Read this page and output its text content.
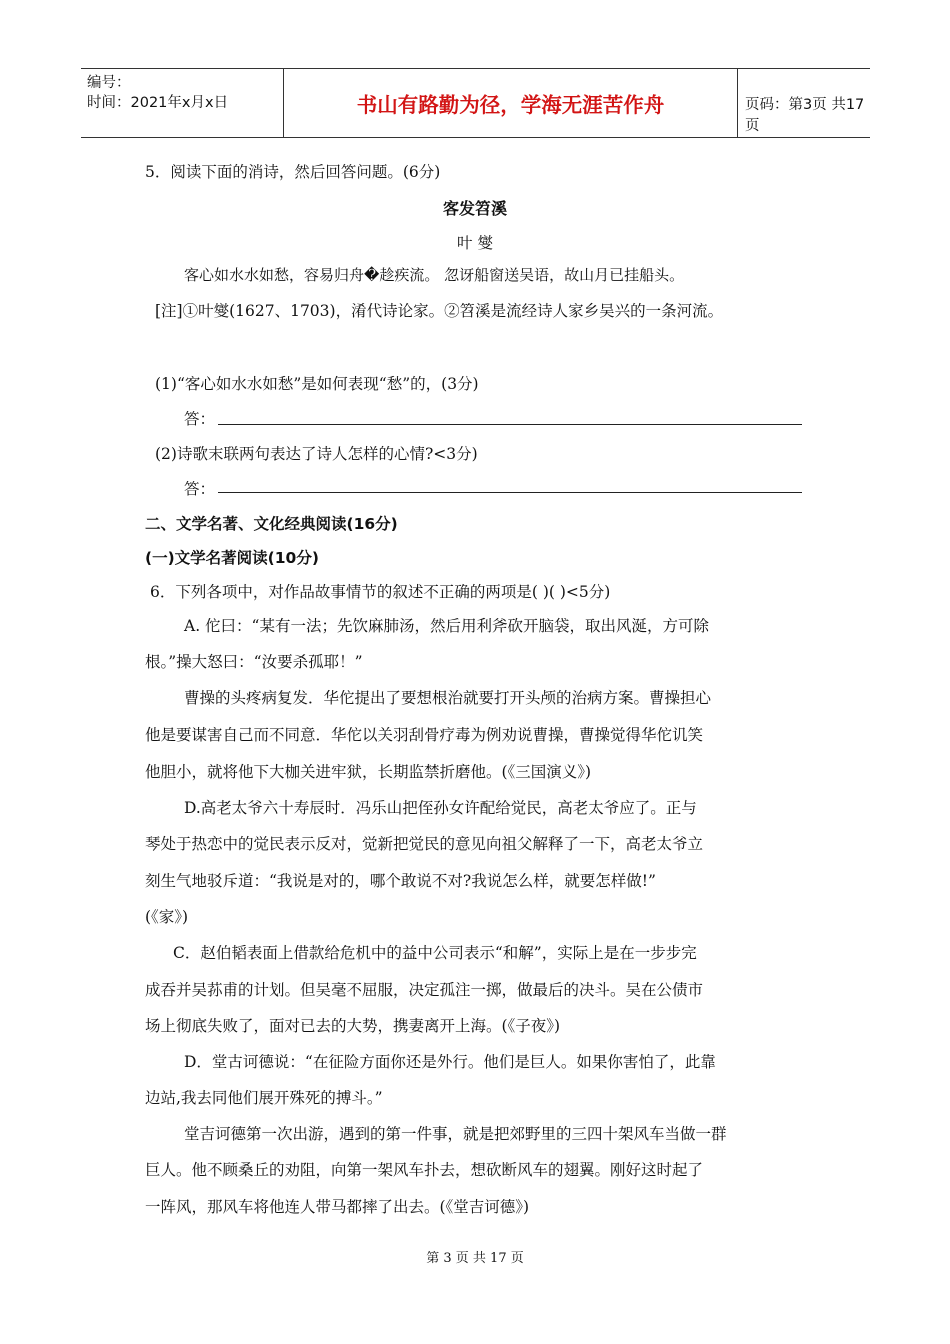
编号：
时间：2021年x月x日	书山有路勤为径，学海无涯苦作舟	页码：第3页 共17页
5．阅读下面的消诗，然后回答问题。(6分)
客发笤溪
叶 燮
客心如水水如愁，容易归舟�趁疾流。 忽讶船窗送吴语，故山月已挂船头。
[注]①叶燮(1627、1703)，淆代诗论家。②笤溪是流经诗人家乡吴兴的一条河流。
(1)“客心如水水如愁”是如何表现“愁”的，(3分)
答：
(2)诗歌末联两句表达了诗人怎样的心情?<3分)
答：
二、文学名著、文化经典阅读(16分)
(一)文学名著阅读(10分)
6．下列各项中，对作品故事情节的叙述不正确的两项是( )( )<5分)
A. 佗曰：“某有一法；先饮麻肺汤，然后用利斧砍开脑袋，取出风涎，方可除
根。”操大怒曰：“汝要杀孤耶！”
曹操的头疼病复发．华佗提出了要想根治就要打开头颅的治病方案。曹操担心
他是要谋害自己而不同意．华佗以关羽刮骨疗毒为例劝说曹操，曹操觉得华佗讥笑
他胆小，就将他下大枷关进牢狱，长期监禁折磨他。(《三国演义》)
D.高老太爷六十寿辰时．冯乐山把侄孙女许配给觉民，高老太爷应了。正与
琴处于热恋中的觉民表示反对，觉新把觉民的意见向祖父解释了一下，高老太爷立
刻生气地驳斥道：“我说是对的，哪个敢说不对?我说怎么样，就要怎样做!”
(《家》)
C．赵伯韬表面上借款给危机中的益中公司表示“和解”，实际上是在一步步完
成吞并吴荪甫的计划。但吴毫不屈服，决定孤注一掷，做最后的决斗。吴在公债市
场上彻底失败了，面对已去的大势，携妻离开上海。(《子夜》)
D．堂古诃德说：“在征险方面你还是外行。他们是巨人。如果你害怕了，此靠
边站,我去同他们展开殊死的搏斗。”
堂吉诃德第一次出游，遇到的第一件事，就是把郊野里的三四十架风车当做一群
巨人。他不顾桑丘的劝阻，向第一架风车扑去，想砍断风车的翅翼。刚好这时起了
一阵风，那风车将他连人带马都摔了出去。(《堂吉诃德》)
第 3 页 共 17 页
